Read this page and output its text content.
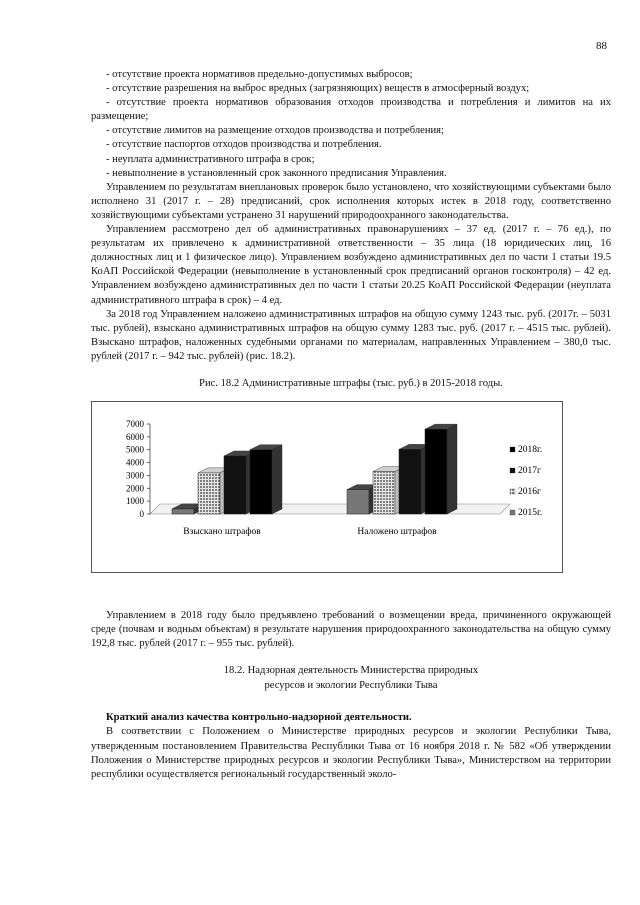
88

- отсутствие проекта нормативов предельно-допустимых выбросов;

- отсутствие разрешения на выброс вредных (загрязняющих) веществ в атмосферный воздух;

- отсутствие проекта нормативов образования отходов производства и потребления и лимитов на их размещение;

- отсутствие лимитов на размещение отходов производства и потребления;

- отсутствие паспортов отходов производства и потребления.

- неуплата административного штрафа в срок;

- невыполнение в установленный срок законного предписания Управления.

Управлением по результатам внеплановых проверок было установлено, что хозяйствующими субъектами было исполнено 31 (2017 г. – 28) предписаний, срок исполнения которых истек в 2018 году, соответственно хозяйствующими субъектами устранено 31 нарушений природоохранного законодательства.

Управлением рассмотрено дел об административных правонарушениях – 37 ед. (2017 г. – 76 ед.), по результатам их привлечено к административной ответственности – 35 лица (18 юридических лиц, 16 должностных лиц и 1 физическое лицо). Управлением возбуждено административных дел по части 1 статьи 19.5 КоАП Российской Федерации (невыполнение в установленный срок предписаний органов госконтроля) – 42 ед. Управлением возбуждено административных дел по части 1 статьи 20.25 КоАП Российской Федерации (неуплата административного штрафа в срок) – 4 ед.

За 2018 год Управлением наложено административных штрафов на общую сумму 1243 тыс. руб. (2017г. – 5031 тыс. рублей), взыскано административных штрафов на общую сумму 1283 тыс. руб. (2017 г. – 4515 тыс. рублей). Взыскано штрафов, наложенных судебными органами по материалам, направленных Управлением – 380,0 тыс. рублей (2017 г. – 942 тыс. рублей) (рис. 18.2).

Рис. 18.2 Административные штрафы (тыс. руб.) в 2015-2018 годы.

0
1000
2000
3000
4000
5000
6000
7000
Взыскано штрафов	Наложено штрафов
2018г.
2017г
2016г
2015г.

Управлением в 2018 году было предъявлено требований о возмещении вреда, причиненного окружающей среде (почвам и водным объектам) в результате нарушения природоохранного законодательства на общую сумму 192,8 тыс. рублей (2017 г. – 955 тыс. рублей).

18.2. Надзорная деятельность Министерства природных
ресурсов и экологии Республики Тыва

Краткий анализ качества контрольно-надзорной деятельности.

В соответствии с Положением о Министерстве природных ресурсов и экологии Республики Тыва, утвержденным постановлением Правительства Республики Тыва от 16 ноября 2018 г. № 582 «Об утверждении Положения о Министерстве природных ресурсов и экологии Республики Тыва», Министерством на территории республики осуществляется региональный государственный эколо-
